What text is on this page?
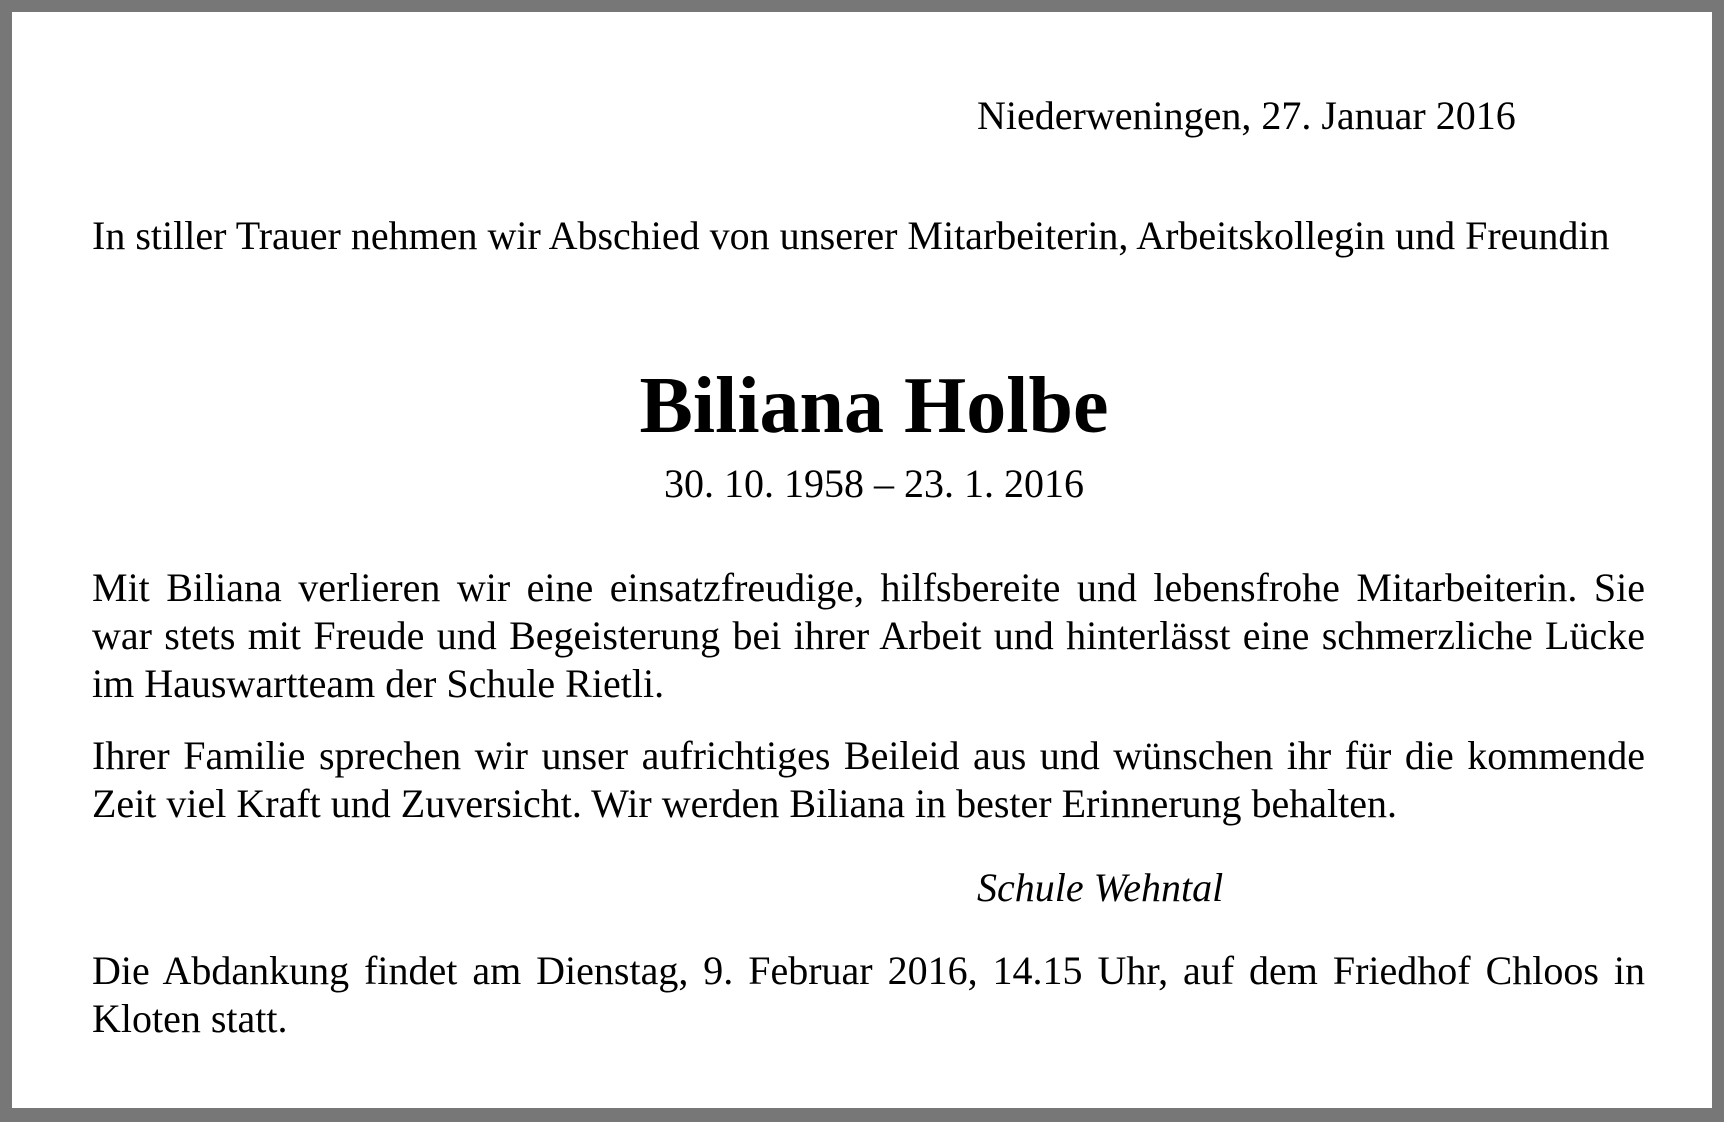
Niederweningen, 27. Januar 2016
In stiller Trauer nehmen wir Abschied von unserer Mitarbeiterin, Arbeitskollegin und Freundin
Biliana Holbe
30. 10. 1958 – 23. 1. 2016
Mit Biliana verlieren wir eine einsatzfreudige, hilfsbereite und lebensfrohe Mitarbeiterin. Sie war stets mit Freude und Begeisterung bei ihrer Arbeit und hinterlässt eine schmerzliche Lücke im Hauswartteam der Schule Rietli.
Ihrer Familie sprechen wir unser aufrichtiges Beileid aus und wünschen ihr für die kommende Zeit viel Kraft und Zuversicht. Wir werden Biliana in bester Erinnerung behalten.
Schule Wehntal
Die Abdankung findet am Dienstag, 9. Februar 2016, 14.15 Uhr, auf dem Friedhof Chloos in Kloten statt.
